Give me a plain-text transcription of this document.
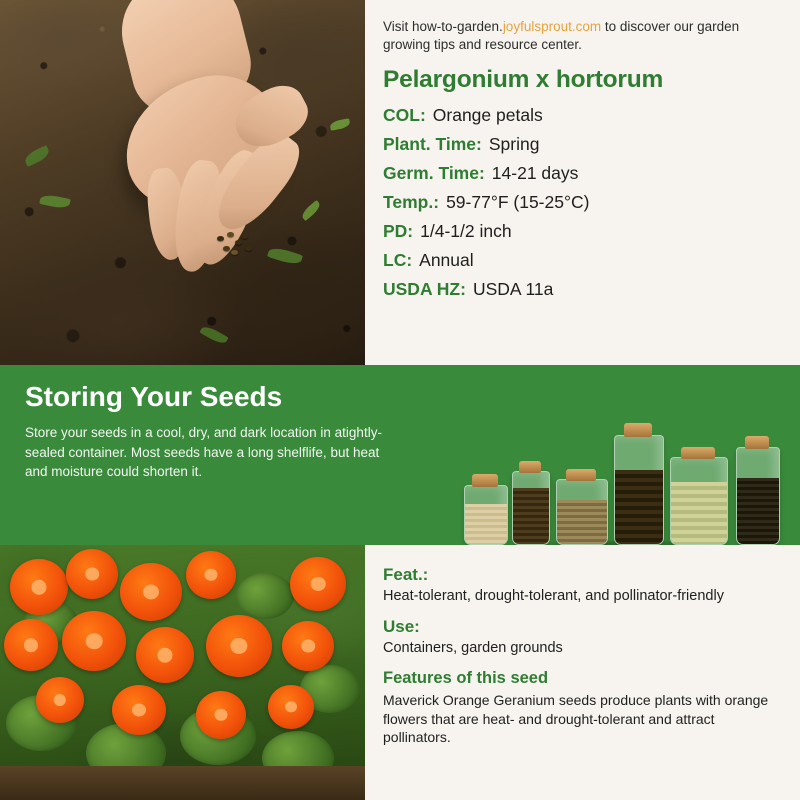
Visit how-to-garden.joyfulsprout.com to discover our garden growing tips and resource center.

Pelargonium x hortorum
COL: Orange petals
Plant. Time: Spring
Germ. Time: 14-21 days
Temp.: 59-77°F (15-25°C)
PD: 1/4-1/2 inch
LC: Annual
USDA HZ: USDA 11a
Storing Your Seeds

Store your seeds in a cool, dry, and dark location in atightly-sealed container. Most seeds have a long shelflife, but heat and moisture could shorten it.

Feat.:

Heat-tolerant, drought-tolerant, and pollinator-friendly

Use:

Containers, garden grounds

Features of this seed

Maverick Orange Geranium seeds produce plants with orange flowers that are heat- and drought-tolerant and attract pollinators.
